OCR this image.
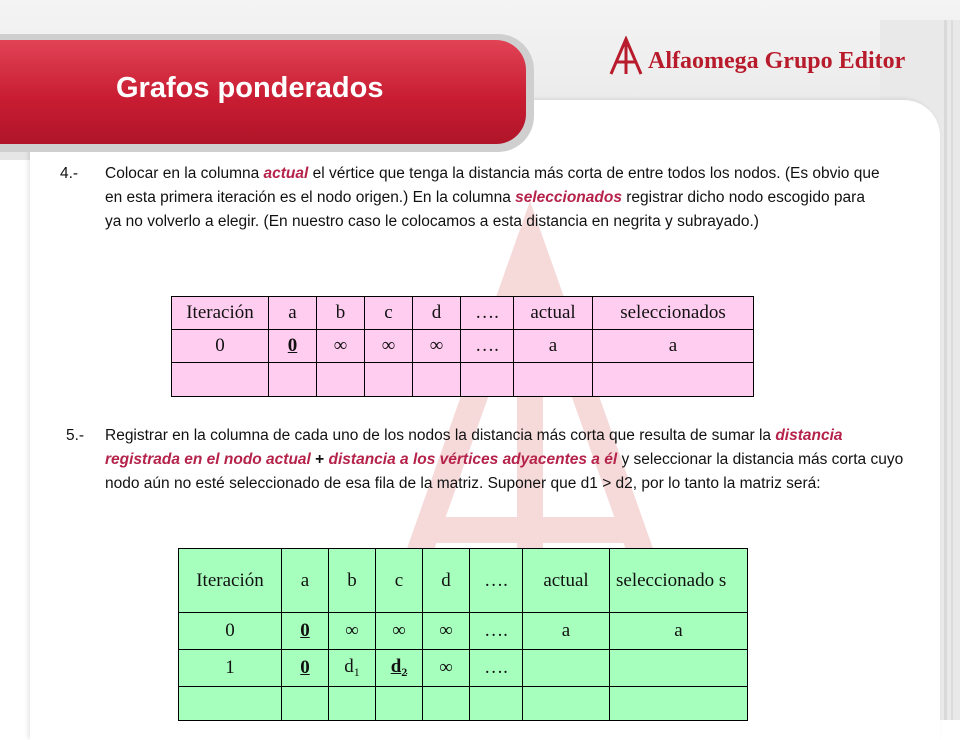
Grafos ponderados
Alfaomega Grupo Editor
4.- Colocar en la columna actual el vértice que tenga la distancia más corta de entre todos los nodos. (Es obvio que en esta primera iteración es el nodo origen.) En la columna seleccionados registrar dicho nodo escogido para ya no volverlo a elegir. (En nuestro caso le colocamos a esta distancia en negrita y subrayado.)
Iteración	a	b	c	d	….	actual	seleccionados
0	0	∞	∞	∞	….	a	a

5.- Registrar en la columna de cada uno de los nodos la distancia más corta que resulta de sumar la distancia registrada en el nodo actual + distancia a los vértices adyacentes a él y seleccionar la distancia más corta cuyo nodo aún no esté seleccionado de esa fila de la matriz. Suponer que d1 > d2, por lo tanto la matriz será:
Iteración	a	b	c	d	….	actual	seleccionado s
0	0	∞	∞	∞	….	a	a
1	0	$d_1$	$d_2$	∞	….		
